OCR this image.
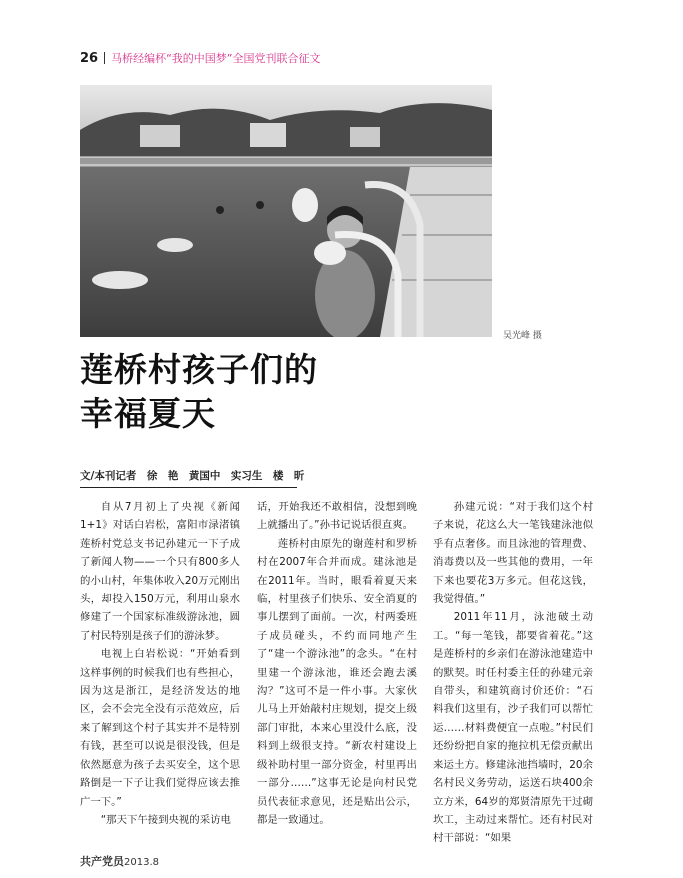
26 马桥经编杯“我的中国梦”全国党刊联合征文
吴光峰 摄
莲桥村孩子们的
幸福夏天
文/本刊记者　徐　艳　黄国中　实习生　楼　昕

自从7月初上了央视《新闻1+1》对话白岩松，富阳市渌渚镇莲桥村党总支书记孙建元一下子成了新闻人物——一个只有800多人的小山村，年集体收入20万元刚出头，却投入150万元，利用山泉水修建了一个国家标准级游泳池，圆了村民特别是孩子们的游泳梦。

电视上白岩松说：“开始看到这样事例的时候我们也有些担心，因为这是浙江，是经济发达的地区，会不会完全没有示范效应，后来了解到这个村子其实并不是特别有钱，甚至可以说是很没钱，但是依然愿意为孩子去买安全，这个思路倒是一下子让我们觉得应该去推广一下。”

“那天下午接到央视的采访电

话，开始我还不敢相信，没想到晚上就播出了。”孙书记说话很直爽。

莲桥村由原先的谢莲村和罗桥村在2007年合并而成。建泳池是在2011年。当时，眼看着夏天来临，村里孩子们快乐、安全消夏的事儿摆到了面前。一次，村两委班子成员碰头，不约而同地产生了“建一个游泳池”的念头。“在村里建一个游泳池，谁还会跑去溪沟？”这可不是一件小事。大家伙儿马上开始敲村庄规划，提交上级部门审批，本来心里没什么底，没料到上级很支持。“新农村建设上级补助村里一部分资金，村里再出一部分……”这事无论是向村民党员代表征求意见，还是贴出公示，都是一致通过。

孙建元说：“对于我们这个村子来说，花这么大一笔钱建泳池似乎有点奢侈。而且泳池的管理费、消毒费以及一些其他的费用，一年下来也要花3万多元。但花这钱，我觉得值。”

2011年11月，泳池破土动工。“每一笔钱，都要省着花。”这是莲桥村的乡亲们在游泳池建造中的默契。时任村委主任的孙建元亲自带头，和建筑商讨价还价：“石料我们这里有，沙子我们可以帮忙运……材料费便宜一点啦。”村民们还纷纷把自家的拖拉机无偿贡献出来运土方。修建泳池挡墙时，20余名村民义务劳动，运送石块400余立方米，64岁的郑贤清原先干过砌坎工，主动过来帮忙。还有村民对村干部说：“如果

共产党员2013.8
